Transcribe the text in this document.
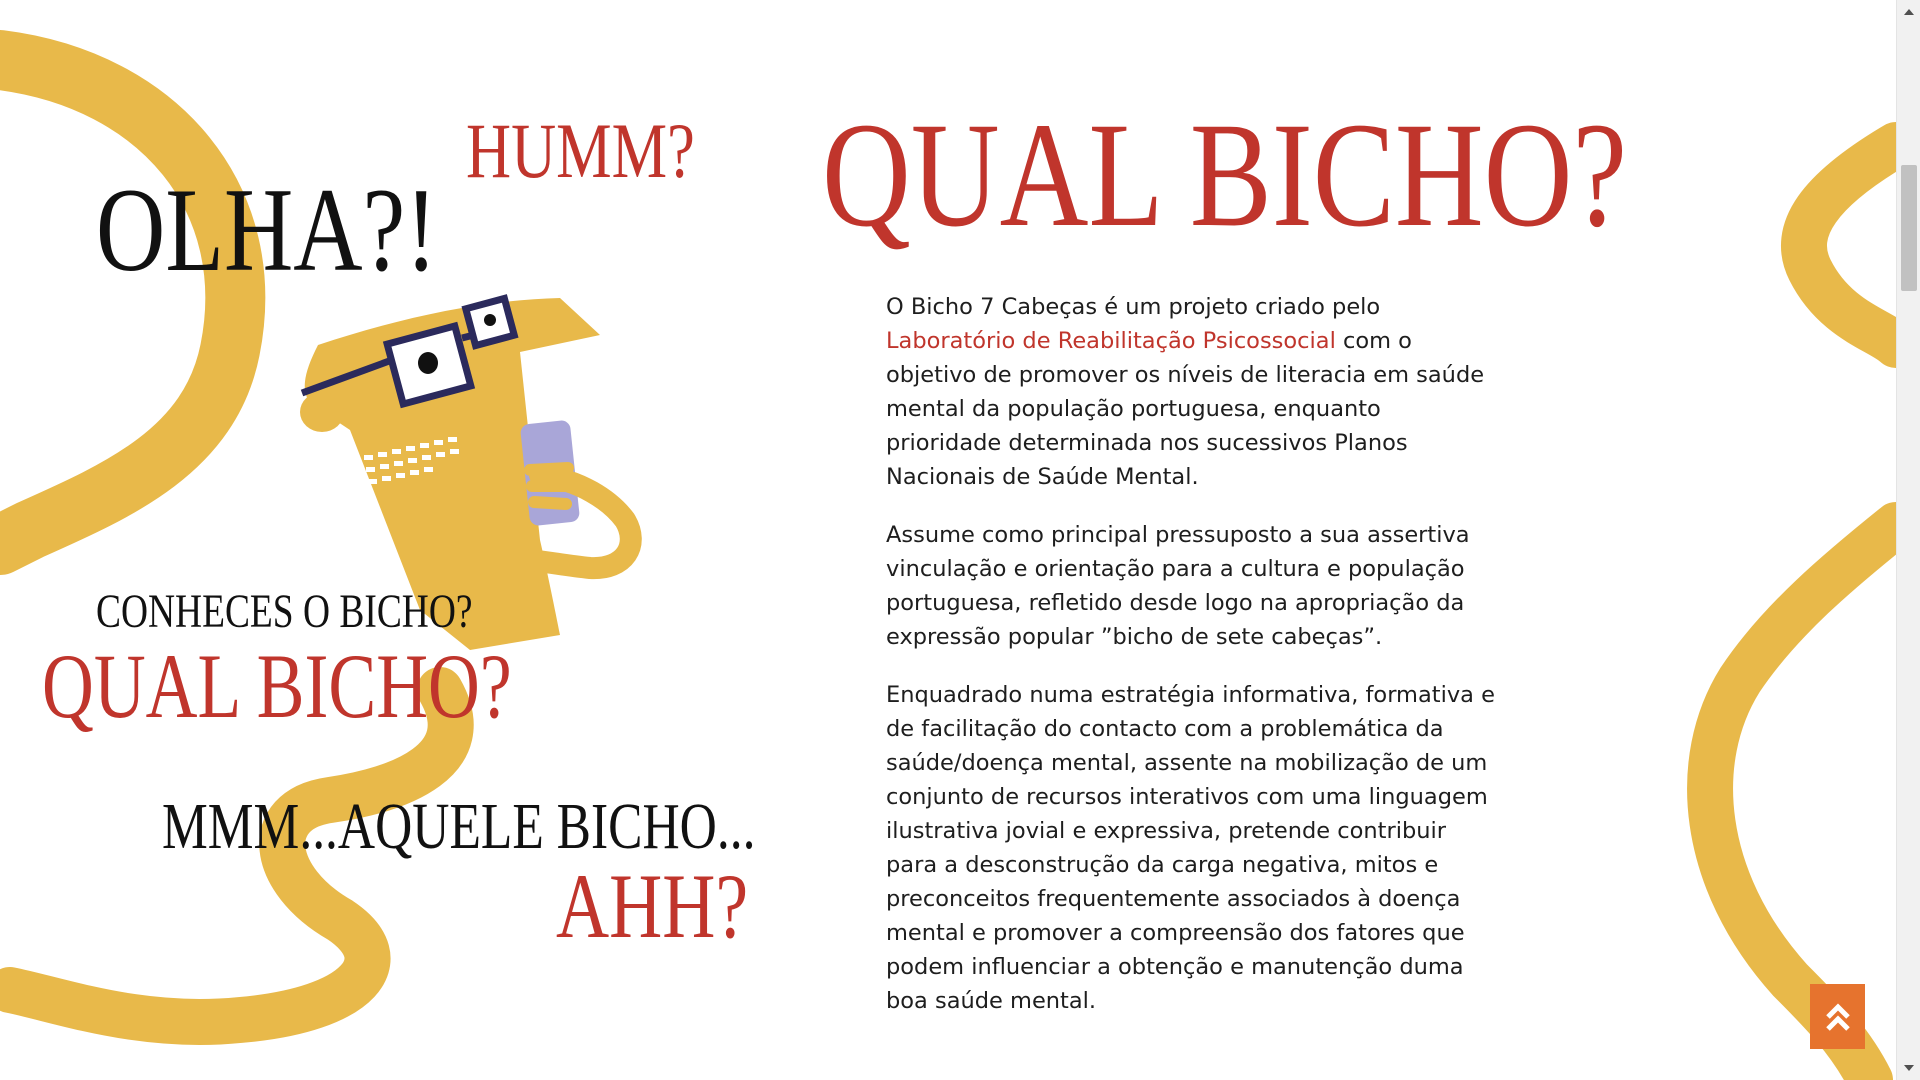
OLHA?!
HUMM?
CONHECES O BICHO?
QUAL BICHO?
MMM...AQUELE BICHO...
AHH?
QUAL BICHO?

O Bicho 7 Cabeças é um projeto criado pelo Laboratório de Reabilitação Psicossocial com o objetivo de promover os níveis de literacia em saúde mental da população portuguesa, enquanto prioridade determinada nos sucessivos Planos Nacionais de Saúde Mental.

Assume como principal pressuposto a sua assertiva vinculação e orientação para a cultura e população portuguesa, refletido desde logo na apropriação da expressão popular ”bicho de sete cabeças”.

Enquadrado numa estratégia informativa, formativa e de facilitação do contacto com a problemática da saúde/doença mental, assente na mobilização de um conjunto de recursos interativos com uma linguagem ilustrativa jovial e expressiva, pretende contribuir para a desconstrução da carga negativa, mitos e preconceitos frequentemente associados à doença mental e promover a compreensão dos fatores que podem influenciar a obtenção e manutenção duma boa saúde mental.
